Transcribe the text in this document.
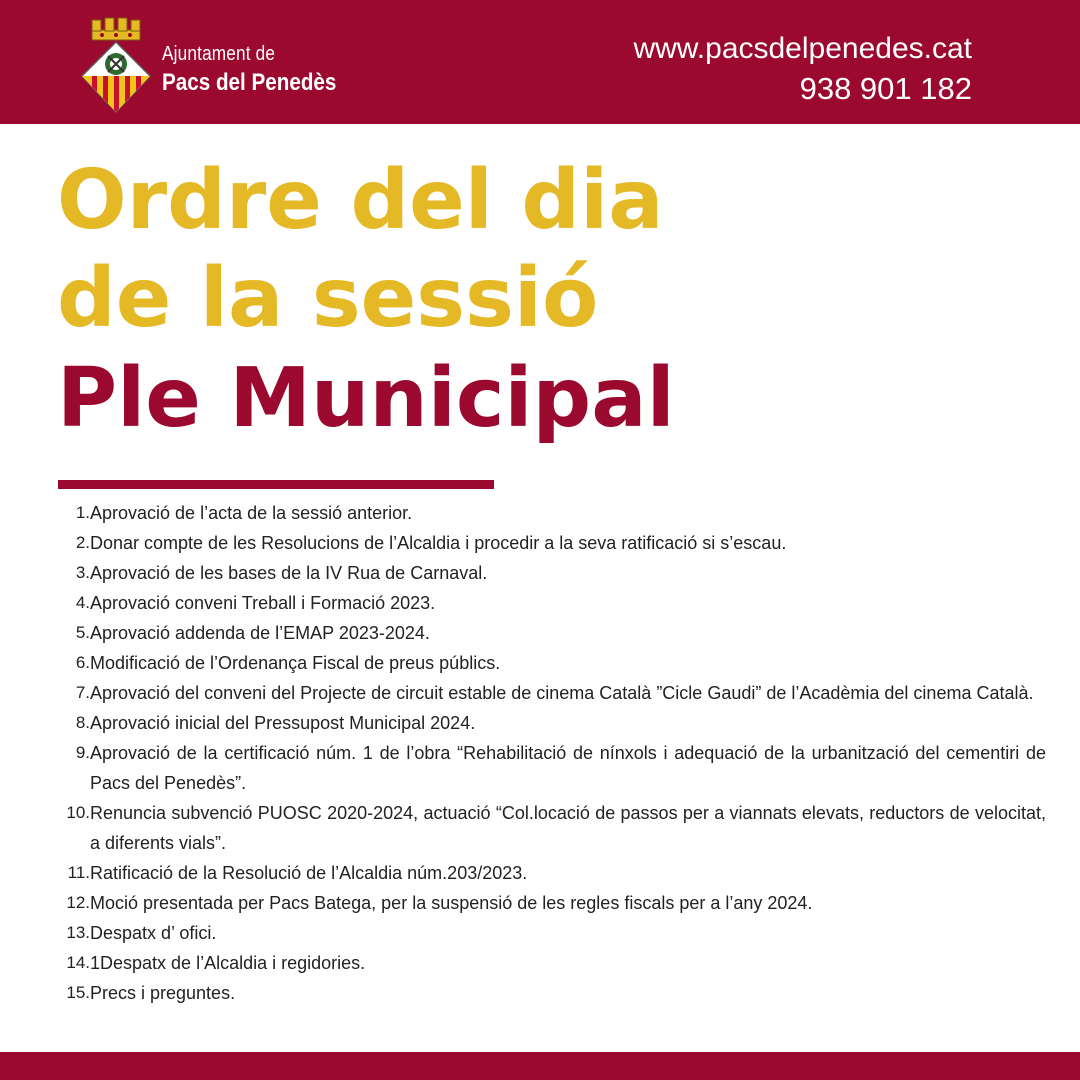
Ajuntament de
Pacs del Penedès
www.pacsdelpenedes.cat
938 901 182
Ordre del dia
de la sessió
Ple Municipal
1. Aprovació de l’acta de la sessió anterior.
2. Donar compte de les Resolucions de l’Alcaldia i procedir a la seva ratificació si s’escau.
3. Aprovació de les bases de la IV Rua de Carnaval.
4. Aprovació conveni Treball i Formació 2023.
5. Aprovació addenda de l’EMAP 2023-2024.
6. Modificació de l’Ordenança Fiscal de preus públics.
7. Aprovació del conveni del Projecte de circuit estable de cinema Català ”Cicle Gaudi” de l’Acadèmia del cinema Català.
8. Aprovació inicial del Pressupost Municipal 2024.
9. Aprovació de la certificació núm. 1 de l’obra “Rehabilitació de nínxols i adequació de la urbanització del cementiri de Pacs del Penedès”.
10. Renuncia subvenció PUOSC 2020-2024, actuació “Col.locació de passos per a viannats elevats, reductors de velocitat, a diferents vials”.
11. Ratificació de la Resolució de l’Alcaldia núm.203/2023.
12. Moció presentada per Pacs Batega, per la suspensió de les regles fiscals per a l’any 2024.
13. Despatx d’ ofici.
14. 1Despatx de l’Alcaldia i regidories.
15. Precs i preguntes.
